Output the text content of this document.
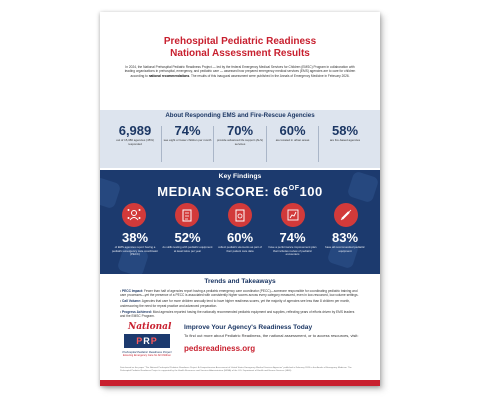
Prehospital Pediatric Readiness
National Assessment Results
In 2024, the National Prehospital Pediatric Readiness Project — led by the federal Emergency Medical Services for Children (EMSC) Program in collaboration with leading organizations in prehospital, emergency, and pediatric care — assessed how prepared emergency medical services (EMS) agencies are to care for children according to national recommendations. The results of this inaugural assessment were published in the Annals of Emergency Medicine in February 2026.
About Responding EMS and Fire-Rescue Agencies
6,989
out of 15,380 agencies (45%) responded
74%
see eight or fewer children per month
70%
provide advanced life support (ALS) services
60%
are located in urban areas
58%
are fire-based agencies
Key Findings
MEDIAN SCORE: $66^{OF}100$
38%
of EMS agencies report having a pediatric emergency care coordinator (PECC)
52%
do skills testing with pediatric equipment at least twice per year
60%
collect pediatric elements as part of their patient care data
74%
have a performance improvement plan that includes review of pediatric encounters
83%
have all recommended pediatric equipment
Trends and Takeaways

• PECC Impact: Fewer than half of agencies report having a pediatric emergency care coordinator (PECC)—someone responsible for coordinating pediatric training and care processes—yet the presence of a PECC is associated with consistently higher scores across every category measured, even in low-resourced, low-volume settings.

• Call Volume: Agencies that care for more children annually tend to have higher readiness scores, yet the majority of agencies see less than 8 children per month, underscoring the need for repeat practice and advanced preparation.

• Progress Achieved: Most agencies reported having the nationally recommended pediatric equipment and supplies, reflecting years of efforts driven by EMS leaders and the EMSC Program.

National
PRP
Prehospital Pediatric Readiness Project
Ensuring Emergency Care for All Children
Improve Your Agency's Readiness Today
To find out more about Pediatric Readiness, the national assessment, or to access resources, visit:
pedsreadiness.org
Data based on the paper "The National Prehospital Pediatric Readiness Project: A Comprehensive Assessment of United States Emergency Medical Services Agencies" published in February 2026 in the Annals of Emergency Medicine. The Prehospital Pediatric Readiness Project is supported by the Health Resources and Services Administration (HRSA) of the U.S. Department of Health and Human Services (HHS).
